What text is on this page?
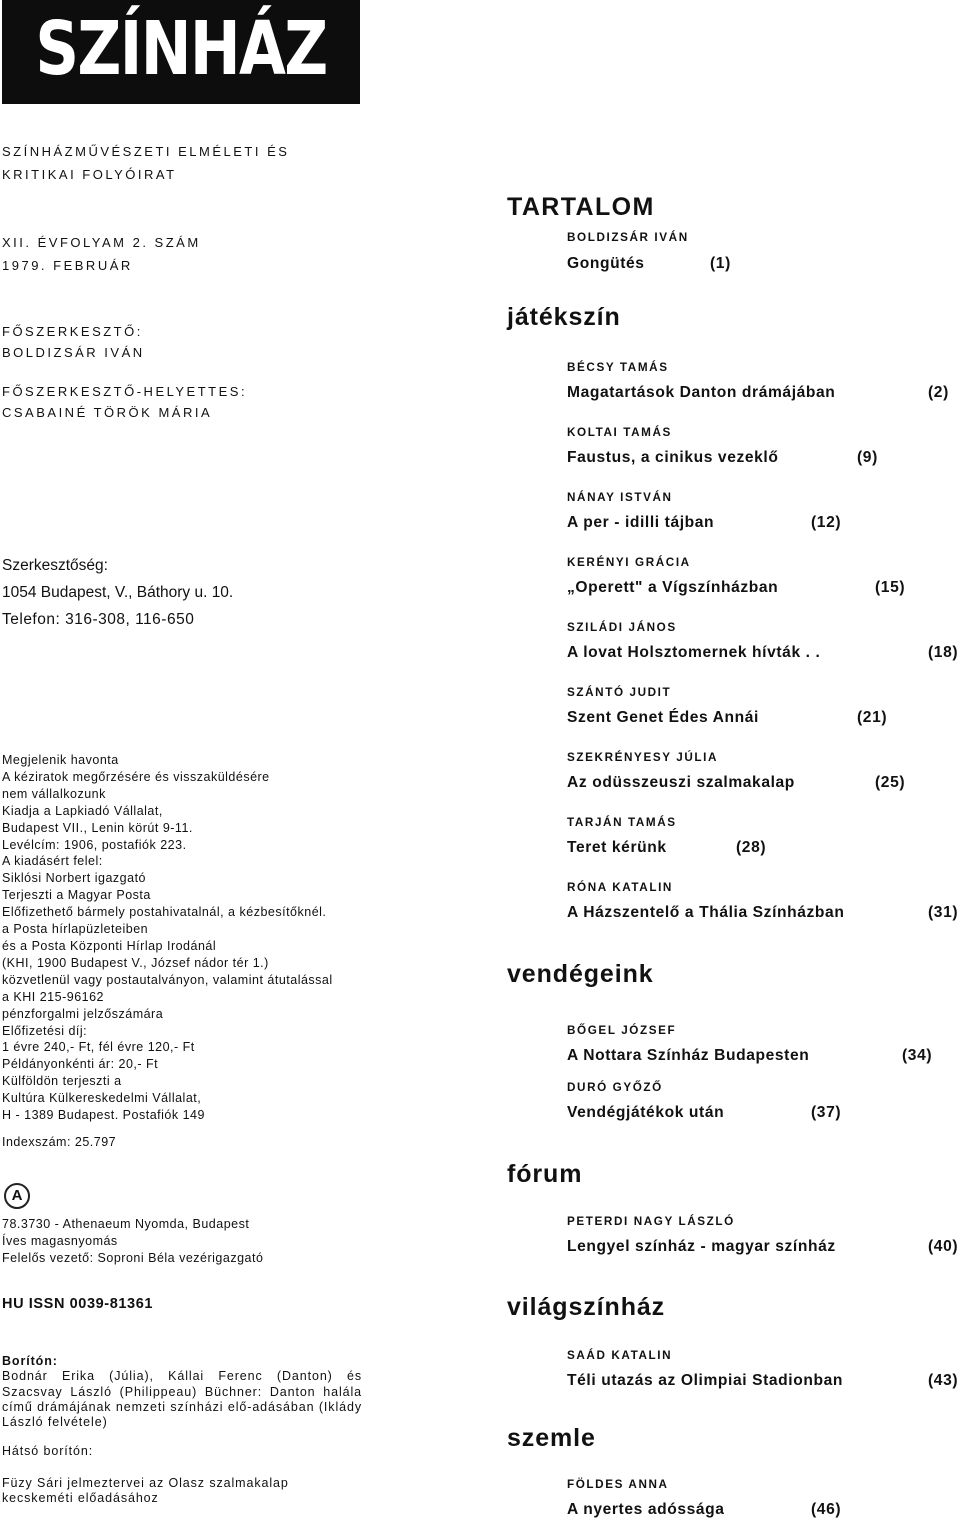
SZÍNHÁZ
SZÍNHÁZMŰVÉSZETI ELMÉLETI ÉS
KRITIKAI FOLYÓIRAT
XII. ÉVFOLYAM 2. SZÁM
1979. FEBRUÁR
FŐSZERKESZTŐ:
BOLDIZSÁR IVÁN
FŐSZERKESZTŐ-HELYETTES:
CSABAINÉ TÖRÖK MÁRIA
Szerkesztőség:
1054 Budapest, V., Báthory u. 10.
Telefon: 316-308, 116-650
Megjelenik havonta
A kéziratok megőrzésére és visszaküldésére
nem vállalkozunk
Kiadja a Lapkiadó Vállalat,
Budapest VII., Lenin körút 9-11.
Levélcím: 1906, postafiók 223.
A kiadásért felel:
Siklósi Norbert igazgató
Terjeszti a Magyar Posta
Előfizethető bármely postahivatalnál, a kézbesítőknél.
a Posta hírlapüzleteiben
és a Posta Központi Hírlap Irodánál
(KHI, 1900 Budapest V., József nádor tér 1.)
közvetlenül vagy postautalványon, valamint átutalással
a KHI 215-96162
pénzforgalmi jelzőszámára
Előfizetési díj:
1 évre 240,- Ft, fél évre 120,- Ft
Példányonkénti ár: 20,- Ft
Külföldön terjeszti a
Kultúra Külkereskedelmi Vállalat,
H - 1389 Budapest. Postafiók 149
Indexszám: 25.797
A
78.3730 - Athenaeum Nyomda, Budapest
Íves magasnyomás
Felelős vezető: Soproni Béla vezérigazgató
HU ISSN 0039-81361
Borítón:
Bodnár Erika (Júlia), Kállai Ferenc (Danton) és Szacsvay László (Philippeau) Büchner: Danton halála című drámájának nemzeti színházi elő-adásában (Iklády László felvétele)
Hátsó borítón:
Füzy Sári jelmeztervei az Olasz szalmakalap kecskeméti előadásához
TARTALOM
BOLDIZSÁR IVÁN
Gongütés	(1)
játékszín
BÉCSY TAMÁS
Magatartások Danton drámájában	(2)
KOLTAI TAMÁS
Faustus, a cinikus vezeklő	(9)
NÁNAY ISTVÁN
A per - idilli tájban	(12)
KERÉNYI GRÁCIA
„Operett" a Vígszínházban	(15)
SZILÁDI JÁNOS
A lovat Holsztomernek hívták . .	(18)
SZÁNTÓ JUDIT
Szent Genet Édes Annái	(21)
SZEKRÉNYESY JÚLIA
Az odüsszeuszi szalmakalap	(25)
TARJÁN TAMÁS
Teret kérünk	(28)
RÓNA KATALIN
A Házszentelő a Thália Színházban	(31)
vendégeink
BŐGEL JÓZSEF
A Nottara Színház Budapesten	(34)
DURÓ GYŐZŐ
Vendégjátékok után	(37)
fórum
PETERDI NAGY LÁSZLÓ
Lengyel színház - magyar színház	(40)
világszínház
SAÁD KATALIN
Téli utazás az Olimpiai Stadionban	(43)
szemle
FÖLDES ANNA
A nyertes adóssága	(46)
